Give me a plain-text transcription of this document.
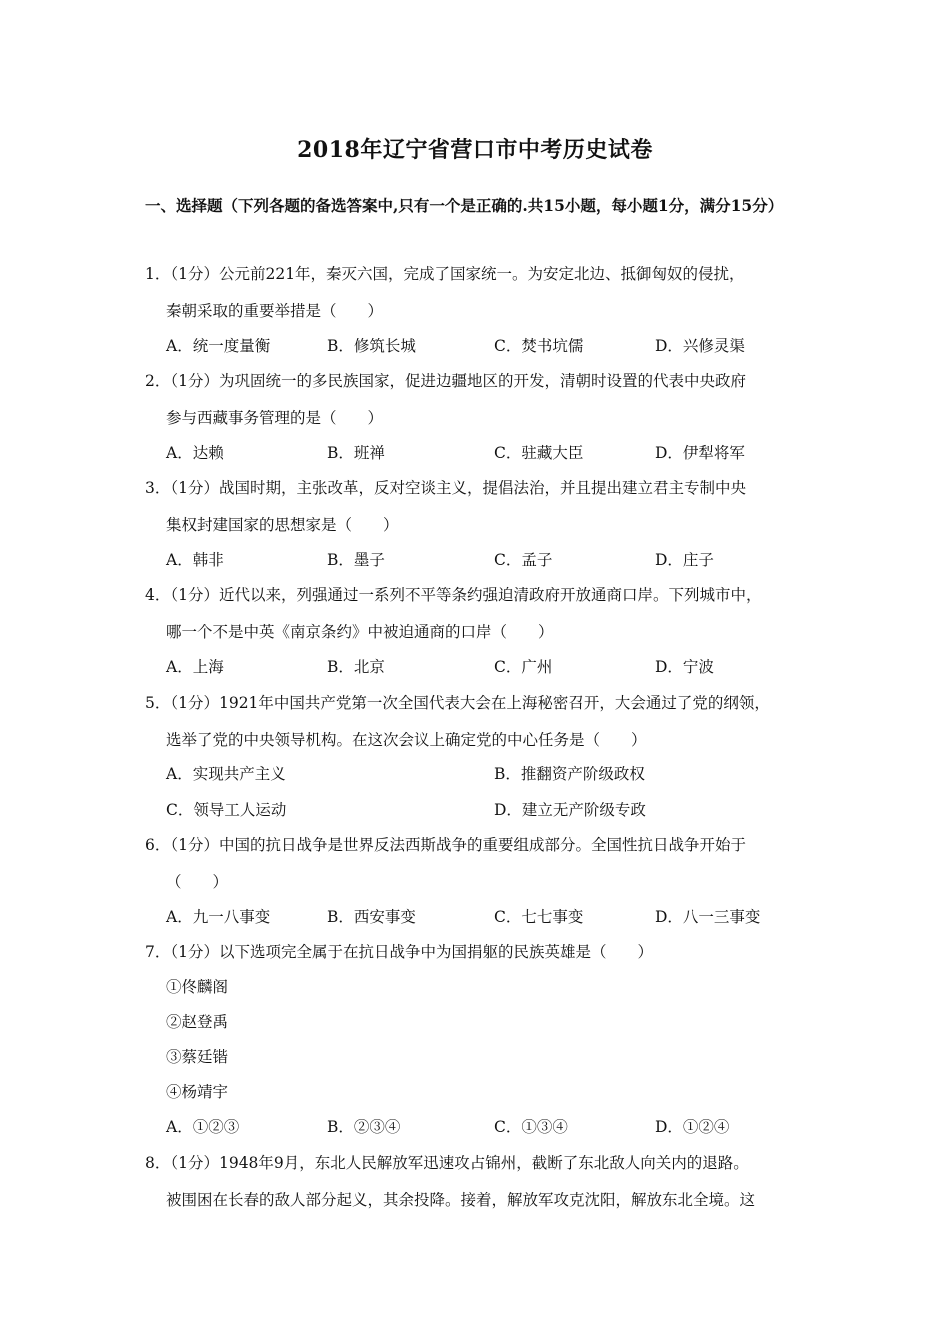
2018年辽宁省营口市中考历史试卷
一、选择题（下列各题的备选答案中,只有一个是正确的.共15小题，每小题1分，满分15分）
1．（1分）公元前221年，秦灭六国，完成了国家统一。为安定北边、抵御匈奴的侵扰，
秦朝采取的重要举措是（　　）
A．统一度量衡	B．修筑长城	C．焚书坑儒	D．兴修灵渠
2．（1分）为巩固统一的多民族国家，促进边疆地区的开发，清朝时设置的代表中央政府
参与西藏事务管理的是（　　）
A．达赖	B．班禅	C．驻藏大臣	D．伊犁将军
3．（1分）战国时期，主张改革，反对空谈主义，提倡法治，并且提出建立君主专制中央
集权封建国家的思想家是（　　）
A．韩非	B．墨子	C．孟子	D．庄子
4．（1分）近代以来，列强通过一系列不平等条约强迫清政府开放通商口岸。下列城市中，
哪一个不是中英《南京条约》中被迫通商的口岸（　　）
A．上海	B．北京	C．广州	D．宁波
5．（1分）1921年中国共产党第一次全国代表大会在上海秘密召开，大会通过了党的纲领，
选举了党的中央领导机构。在这次会议上确定党的中心任务是（　　）
A．实现共产主义	B．推翻资产阶级政权
C．领导工人运动	D．建立无产阶级专政
6．（1分）中国的抗日战争是世界反法西斯战争的重要组成部分。全国性抗日战争开始于
（　　）
A．九一八事变	B．西安事变	C．七七事变	D．八一三事变
7．（1分）以下选项完全属于在抗日战争中为国捐躯的民族英雄是（　　）
①佟麟阁
②赵登禹
③蔡廷锴
④杨靖宇
A．①②③	B．②③④	C．①③④	D．①②④
8．（1分）1948年9月，东北人民解放军迅速攻占锦州，截断了东北敌人向关内的退路。
被围困在长春的敌人部分起义，其余投降。接着，解放军攻克沈阳，解放东北全境。这
